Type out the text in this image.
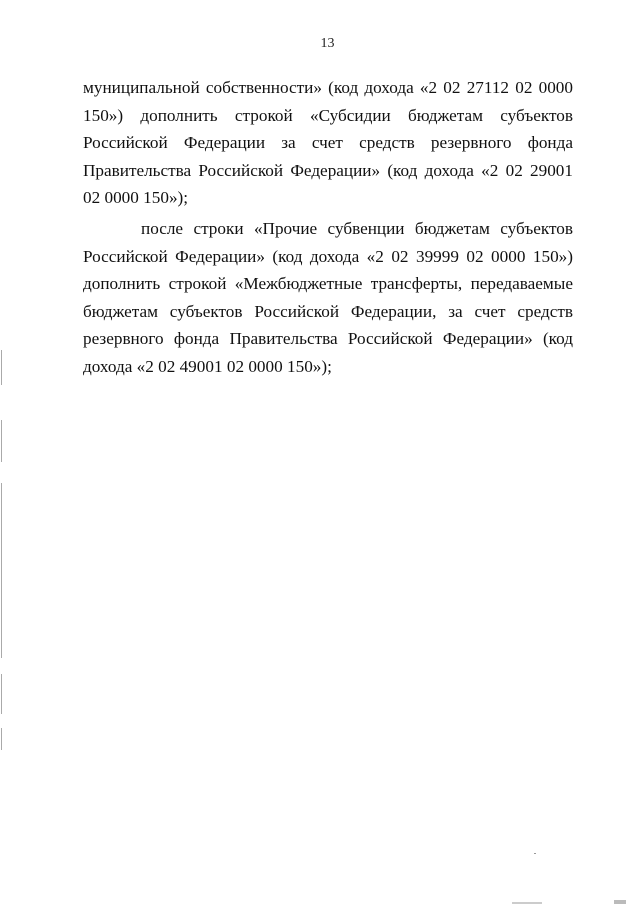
13

муниципальной собственности» (код дохода «2 02 27112 02 0000 150») дополнить строкой «Субсидии бюджетам субъектов Российской Федерации за счет средств резервного фонда Правительства Российской Федерации» (код дохода «2 02 29001 02 0000 150»);

после строки «Прочие субвенции бюджетам субъектов Российской Федерации» (код дохода «2 02 39999 02 0000 150») дополнить строкой «Межбюджетные трансферты, передаваемые бюджетам субъектов Российской Федерации, за счет средств резервного фонда Правительства Российской Федерации» (код дохода «2 02 49001 02 0000 150»);
